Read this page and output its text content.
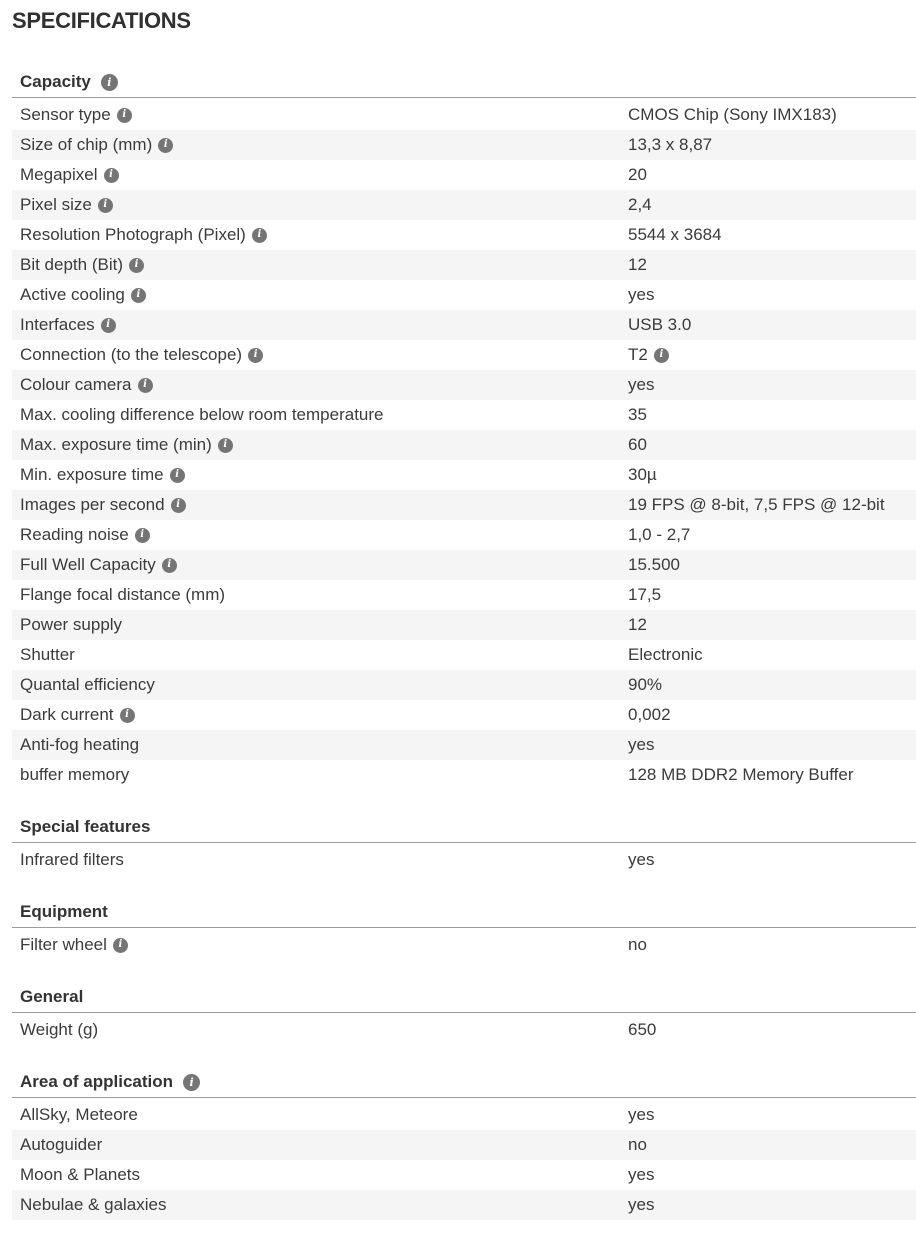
SPECIFICATIONS
Capacity	i
Sensor type	i	CMOS Chip (Sony IMX183)
Size of chip (mm)	i	13,3 x 8,87
Megapixel	i	20
Pixel size	i	2,4
Resolution Photograph (Pixel)	i	5544 x 3684
Bit depth (Bit)	i	12
Active cooling	i	yes
Interfaces	i	USB 3.0
Connection (to the telescope)	i	T2	i
Colour camera	i	yes
Max. cooling difference below room temperature	35
Max. exposure time (min)	i	60
Min. exposure time	i	30µ
Images per second	i	19 FPS @ 8-bit, 7,5 FPS @ 12-bit
Reading noise	i	1,0 - 2,7
Full Well Capacity	i	15.500
Flange focal distance (mm)	17,5
Power supply	12
Shutter	Electronic
Quantal efficiency	90%
Dark current	i	0,002
Anti-fog heating	yes
buffer memory	128 MB DDR2 Memory Buffer
Special features
Infrared filters	yes
Equipment
Filter wheel	i	no
General
Weight (g)	650
Area of application	i
AllSky, Meteore	yes
Autoguider	no
Moon & Planets	yes
Nebulae & galaxies	yes
